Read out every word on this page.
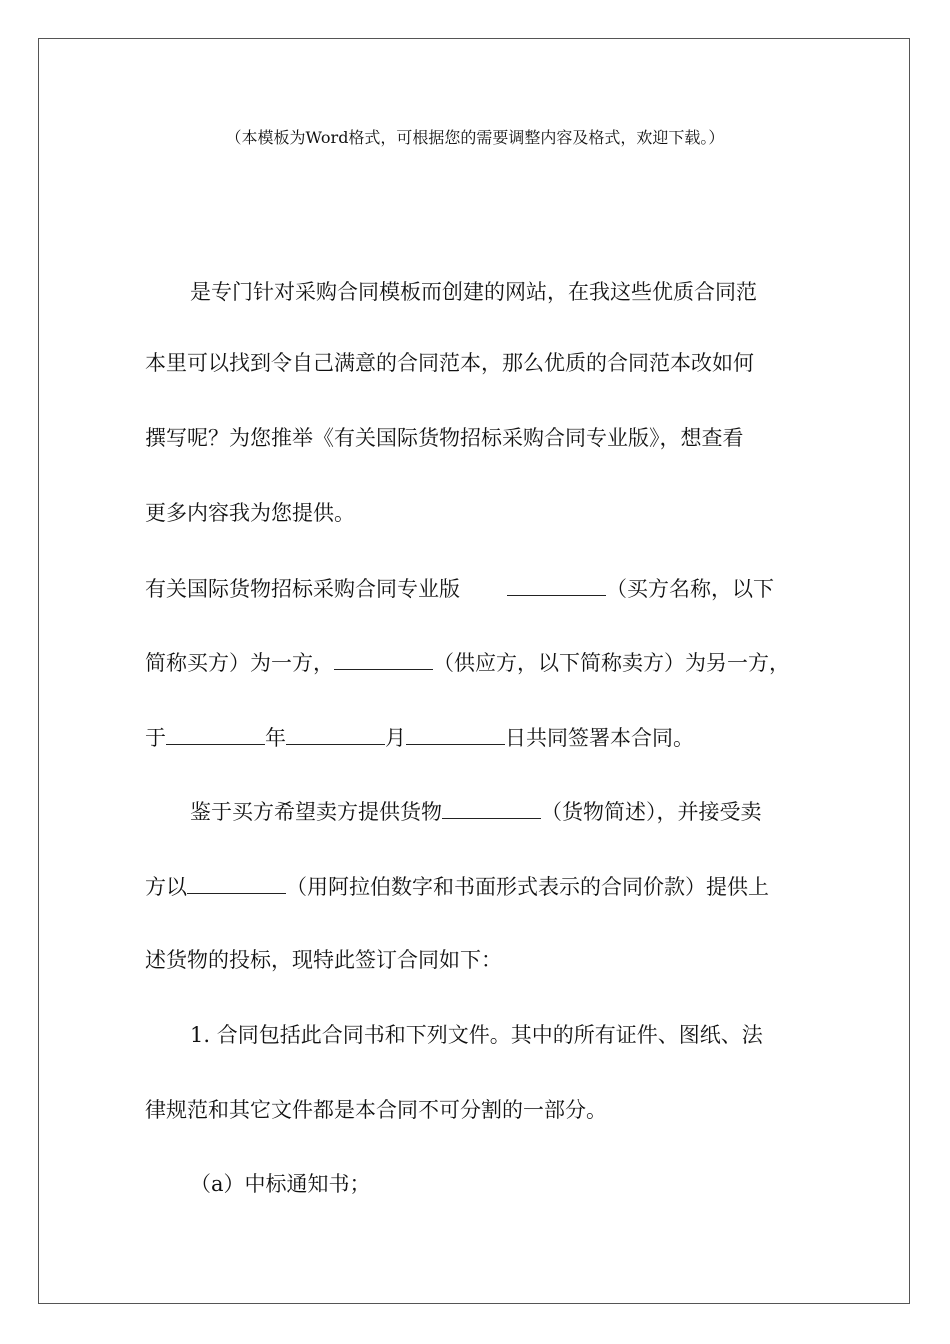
（本模板为Word格式，可根据您的需要调整内容及格式，欢迎下载。）
是专门针对采购合同模板而创建的网站，在我这些优质合同范
本里可以找到令自己满意的合同范本，那么优质的合同范本改如何
撰写呢？为您推举《有关国际货物招标采购合同专业版》，想查看
更多内容我为您提供。
有关国际货物招标采购合同专业版	（买方名称，以下
简称买方）为一方，	（供应方，以下简称卖方）为另一方，
于	年	月	日共同签署本合同。
鉴于买方希望卖方提供货物	（货物简述），并接受卖
方以	（用阿拉伯数字和书面形式表示的合同价款）提供上
述货物的投标，现特此签订合同如下：
1. 合同包括此合同书和下列文件。其中的所有证件、图纸、法
律规范和其它文件都是本合同不可分割的一部分。
（a）中标通知书；
